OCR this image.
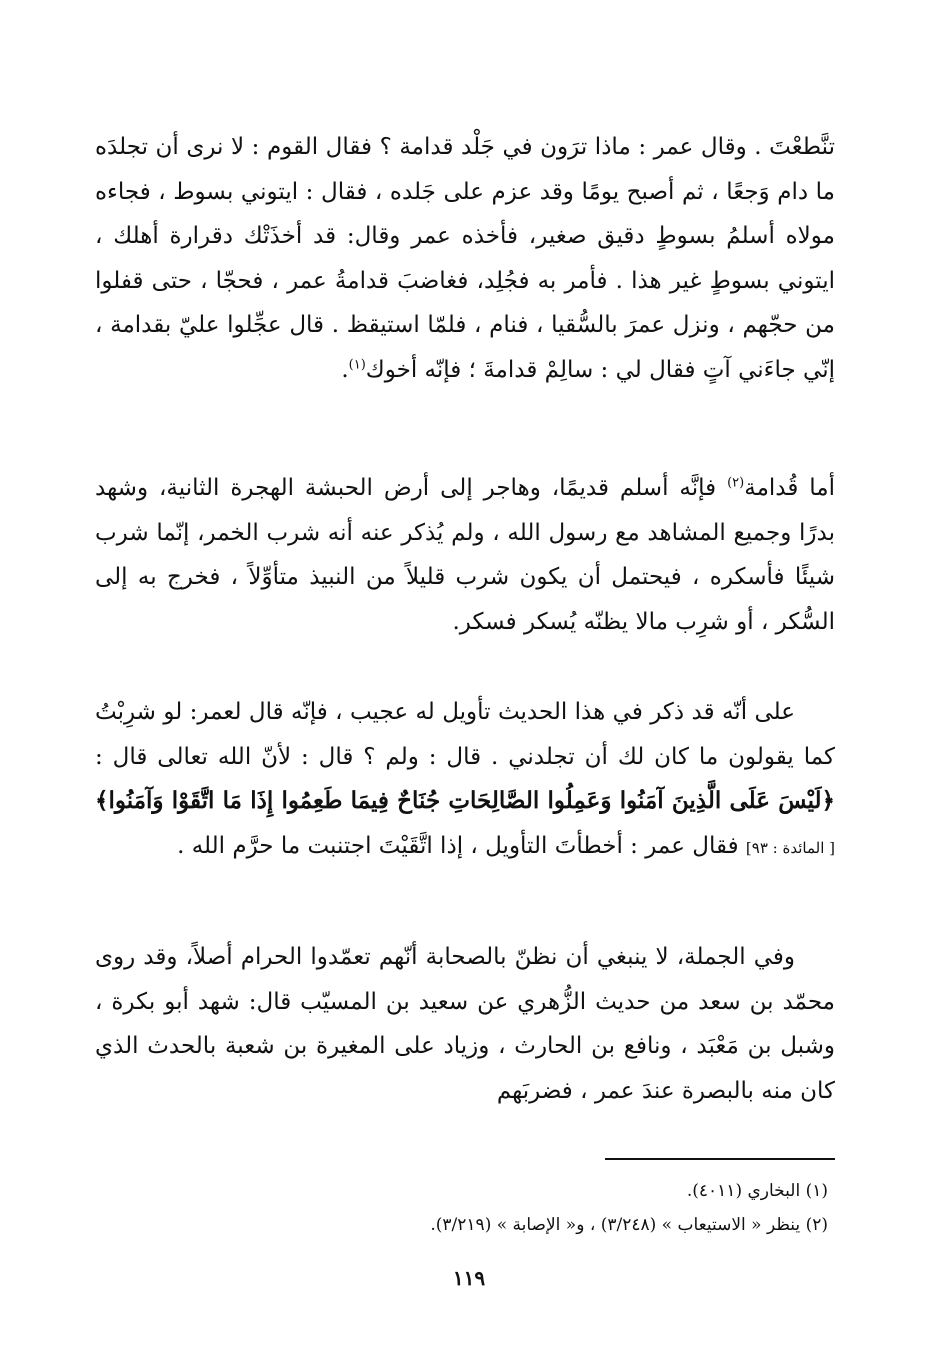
تنَّطعْتَ . وقال عمر : ماذا ترَون في جَلْد قدامة ؟ فقال القوم : لا نرى أن تجلدَه ما دام وَجعًا ، ثم أصبح يومًا وقد عزم على جَلده ، فقال : ايتوني بسوط ، فجاءه مولاه أسلمُ بسوطٍ دقيق صغير، فأخذه عمر وقال: قد أخذَتْك دقرارة أهلك ، ايتوني بسوطٍ غير هذا . فأمر به فجُلِد، فغاضبَ قدامةُ عمر ، فحجّا ، حتى قفلوا من حجّهم ، ونزل عمرَ بالسُّقيا ، فنام ، فلمّا استيقظ . قال عجِّلوا عليّ بقدامة ، إنّي جاءَني آتٍ فقال لي : سالِمْ قدامةَ ؛ فإنّه أخوك$^{(١)}$.

أما قُدامة$^{(٢)}$ فإنَّه أسلم قديمًا، وهاجر إلى أرض الحبشة الهجرة الثانية، وشهد بدرًا وجميع المشاهد مع رسول الله ، ولم يُذكر عنه أنه شرب الخمر، إنّما شرب شيئًا فأسكره ، فيحتمل أن يكون شرب قليلاً من النبيذ متأوِّلاً ، فخرج به إلى السُّكر ، أو شرِب مالا يظنّه يُسكر فسكر.

على أنّه قد ذكر في هذا الحديث تأويل له عجيب ، فإنّه قال لعمر: لو شرِبْتُ كما يقولون ما كان لك أن تجلدني . قال : ولم ؟ قال : لأنّ الله تعالى قال :﴿لَيْسَ عَلَى الَّذِينَ آمَنُوا وَعَمِلُوا الصَّالِحَاتِ جُنَاحٌ فِيمَا طَعِمُوا إِذَا مَا اتَّقَوْا وَآمَنُوا﴾ [ المائدة : ٩٣] فقال عمر : أخطأتَ التأويل ، إذا اتَّقَيْتَ اجتنبت ما حرَّم الله .

وفي الجملة، لا ينبغي أن نظنّ بالصحابة أنّهم تعمّدوا الحرام أصلاً، وقد روى محمّد بن سعد من حديث الزُّهري عن سعيد بن المسيّب قال: شهد أبو بكرة ، وشبل بن مَعْبَد ، ونافع بن الحارث ، وزياد على المغيرة بن شعبة بالحدث الذي كان منه بالبصرة عندَ عمر ، فضربَهم

(١) البخاري (٤٠١١).
(٢) ينظر « الاستيعاب » (٣/٢٤٨) ، و« الإصابة » (٣/٢١٩).
١١٩
